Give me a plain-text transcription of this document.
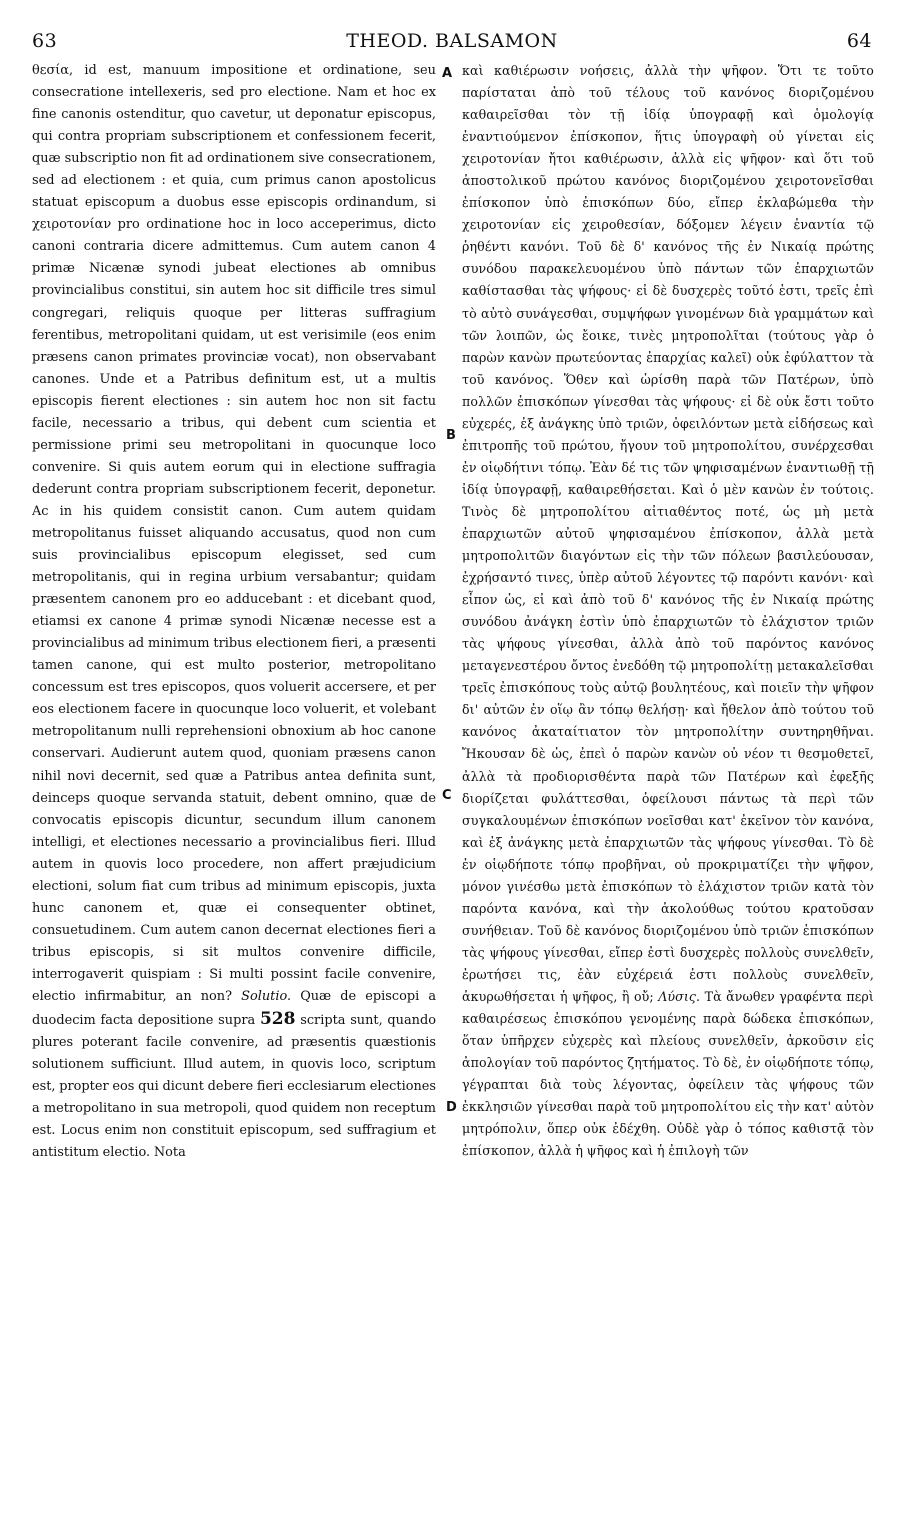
63	THEOD. BALSAMON	64

θεσία, id est, manuum impositione et ordinatione, seu consecratione intellexeris, sed pro electione. Nam et hoc ex fine canonis ostenditur, quo cavetur, ut deponatur episcopus, qui contra propriam subscriptionem et confessionem fecerit, quæ subscriptio non fit ad ordinationem sive consecrationem, sed ad electionem : et quia, cum primus canon apostolicus statuat episcopum a duobus esse episcopis ordinandum, si χειροτονίαν pro ordinatione hoc in loco acceperimus, dicto canoni contraria dicere admittemus. Cum autem canon 4 primæ Nicænæ synodi jubeat electiones ab omnibus provincialibus constitui, sin autem hoc sit difficile tres simul congregari, reliquis quoque per litteras suffragium ferentibus, metropolitani quidam, ut est verisimile (eos enim præsens canon primates provinciæ vocat), non observabant canones. Unde et a Patribus definitum est, ut a multis episcopis fierent electiones : sin autem hoc non sit factu facile, necessario a tribus, qui debent cum scientia et permissione primi seu metropolitani in quocunque loco convenire. Si quis autem eorum qui in electione suffragia dederunt contra propriam subscriptionem fecerit, deponetur. Ac in his quidem consistit canon. Cum autem quidam metropolitanus fuisset aliquando accusatus, quod non cum suis provincialibus episcopum elegisset, sed cum metropolitanis, qui in regina urbium versabantur; quidam præsentem canonem pro eo adducebant : et dicebant quod, etiamsi ex canone 4 primæ synodi Nicænæ necesse est a provincialibus ad minimum tribus electionem fieri, a præsenti tamen canone, qui est multo posterior, metropolitano concessum est tres episcopos, quos voluerit accersere, et per eos electionem facere in quocunque loco voluerit, et volebant metropolitanum nulli reprehensioni obnoxium ab hoc canone conservari. Audierunt autem quod, quoniam præsens canon nihil novi decernit, sed quæ a Patribus antea definita sunt, deinceps quoque servanda statuit, debent omnino, quæ de convocatis episcopis dicuntur, secundum illum canonem intelligi, et electiones necessario a provincialibus fieri. Illud autem in quovis loco procedere, non affert præjudicium electioni, solum fiat cum tribus ad minimum episcopis, juxta hunc canonem et, quæ ei consequenter obtinet, consuetudinem. Cum autem canon decernat electiones fieri a tribus episcopis, si sit multos convenire difficile, interrogaverit quispiam : Si multi possint facile convenire, electio infirmabitur, an non? Solutio. Quæ de episcopi a duodecim facta depositione supra 528 scripta sunt, quando plures poterant facile convenire, ad præsentis quæstionis solutionem sufficiunt. Illud autem, in quovis loco, scriptum est, propter eos qui dicunt debere fieri ecclesiarum electiones a metropolitano in sua metropoli, quod quidem non receptum est. Locus enim non constituit episcopum, sed suffragium et antistitum electio. Nota

A
B
C
D

καὶ καθιέρωσιν νοήσεις, ἀλλὰ τὴν ψῆφον. Ὅτι τε τοῦτο παρίσταται ἀπὸ τοῦ τέλους τοῦ κανόνος διοριζομένου καθαιρεῖσθαι τὸν τῇ ἰδίᾳ ὑπογραφῇ καὶ ὁμολογίᾳ ἐναντιούμενον ἐπίσκοπον, ἥτις ὑπογραφὴ οὐ γίνεται εἰς χειροτονίαν ἤτοι καθιέρωσιν, ἀλλὰ εἰς ψῆφον· καὶ ὅτι τοῦ ἀποστολικοῦ πρώτου κανόνος διοριζομένου χειροτονεῖσθαι ἐπίσκοπον ὑπὸ ἐπισκόπων δύο, εἴπερ ἐκλαβώμεθα τὴν χειροτονίαν εἰς χειροθεσίαν, δόξομεν λέγειν ἐναντία τῷ ῥηθέντι κανόνι. Τοῦ δὲ δ' κανόνος τῆς ἐν Νικαίᾳ πρώτης συνόδου παρακελευομένου ὑπὸ πάντων τῶν ἐπαρχιωτῶν καθίστασθαι τὰς ψήφους· εἰ δὲ δυσχερὲς τοῦτό ἐστι, τρεῖς ἐπὶ τὸ αὐτὸ συνάγεσθαι, συμψήφων γινομένων διὰ γραμμάτων καὶ τῶν λοιπῶν, ὡς ἔοικε, τινὲς μητροπολῖται (τούτους γὰρ ὁ παρὼν κανὼν πρωτεύοντας ἐπαρχίας καλεῖ) οὐκ ἐφύλαττον τὰ τοῦ κανόνος. Ὅθεν καὶ ὡρίσθη παρὰ τῶν Πατέρων, ὑπὸ πολλῶν ἐπισκόπων γίνεσθαι τὰς ψήφους· εἰ δὲ οὐκ ἔστι τοῦτο εὐχερές, ἐξ ἀνάγκης ὑπὸ τριῶν, ὀφειλόντων μετὰ εἰδήσεως καὶ ἐπιτροπῆς τοῦ πρώτου, ἤγουν τοῦ μητροπολίτου, συνέρχεσθαι ἐν οἱῳδήτινι τόπῳ. Ἐὰν δέ τις τῶν ψηφισαμένων ἐναντιωθῇ τῇ ἰδίᾳ ὑπογραφῇ, καθαιρεθήσεται. Καὶ ὁ μὲν κανὼν ἐν τούτοις. Τινὸς δὲ μητροπολίτου αἰτιαθέντος ποτέ, ὡς μὴ μετὰ ἐπαρχιωτῶν αὐτοῦ ψηφισαμένου ἐπίσκοπον, ἀλλὰ μετὰ μητροπολιτῶν διαγόντων εἰς τὴν τῶν πόλεων βασιλεύουσαν, ἐχρήσαντό τινες, ὑπὲρ αὐτοῦ λέγοντες τῷ παρόντι κανόνι· καὶ εἶπον ὡς, εἰ καὶ ἀπὸ τοῦ δ' κανόνος τῆς ἐν Νικαίᾳ πρώτης συνόδου ἀνάγκη ἐστὶν ὑπὸ ἐπαρχιωτῶν τὸ ἐλάχιστον τριῶν τὰς ψήφους γίνεσθαι, ἀλλὰ ἀπὸ τοῦ παρόντος κανόνος μεταγενεστέρου ὄντος ἐνεδόθη τῷ μητροπολίτῃ μετακαλεῖσθαι τρεῖς ἐπισκόπους τοὺς αὐτῷ βουλητέους, καὶ ποιεῖν τὴν ψῆφον δι' αὐτῶν ἐν οἵῳ ἂν τόπῳ θελήσῃ· καὶ ἤθελον ἀπὸ τούτου τοῦ κανόνος ἀκαταίτιατον τὸν μητροπολίτην συντηρηθῆναι. Ἤκουσαν δὲ ὡς, ἐπεὶ ὁ παρὼν κανὼν οὐ νέον τι θεσμοθετεῖ, ἀλλὰ τὰ προδιορισθέντα παρὰ τῶν Πατέρων καὶ ἐφεξῆς διορίζεται φυλάττεσθαι, ὀφείλουσι πάντως τὰ περὶ τῶν συγκαλουμένων ἐπισκόπων νοεῖσθαι κατ' ἐκεῖνον τὸν κανόνα, καὶ ἐξ ἀνάγκης μετὰ ἐπαρχιωτῶν τὰς ψήφους γίνεσθαι. Τὸ δὲ ἐν οἱῳδήποτε τόπῳ προβῆναι, οὐ προκριματίζει τὴν ψῆφον, μόνον γινέσθω μετὰ ἐπισκόπων τὸ ἐλάχιστον τριῶν κατὰ τὸν παρόντα κανόνα, καὶ τὴν ἀκολούθως τούτου κρατοῦσαν συνήθειαν. Τοῦ δὲ κανόνος διοριζομένου ὑπὸ τριῶν ἐπισκόπων τὰς ψήφους γίνεσθαι, εἴπερ ἐστὶ δυσχερὲς πολλοὺς συνελθεῖν, ἐρωτήσει τις, ἐὰν εὐχέρειά ἐστι πολλοὺς συνελθεῖν, ἀκυρωθήσεται ἡ ψῆφος, ἢ οὔ; Λύσις. Τὰ ἄνωθεν γραφέντα περὶ καθαιρέσεως ἐπισκόπου γενομένης παρὰ δώδεκα ἐπισκόπων, ὅταν ὑπῆρχεν εὐχερὲς καὶ πλείους συνελθεῖν, ἀρκοῦσιν εἰς ἀπολογίαν τοῦ παρόντος ζητήματος. Τὸ δὲ, ἐν οἱῳδήποτε τόπῳ, γέγραπται διὰ τοὺς λέγοντας, ὀφείλειν τὰς ψήφους τῶν ἐκκλησιῶν γίνεσθαι παρὰ τοῦ μητροπολίτου εἰς τὴν κατ' αὐτὸν μητρόπολιν, ὅπερ οὐκ ἐδέχθη. Οὐδὲ γὰρ ὁ τόπος καθιστᾷ τὸν ἐπίσκοπον, ἀλλὰ ἡ ψῆφος καὶ ἡ ἐπιλογὴ τῶν
